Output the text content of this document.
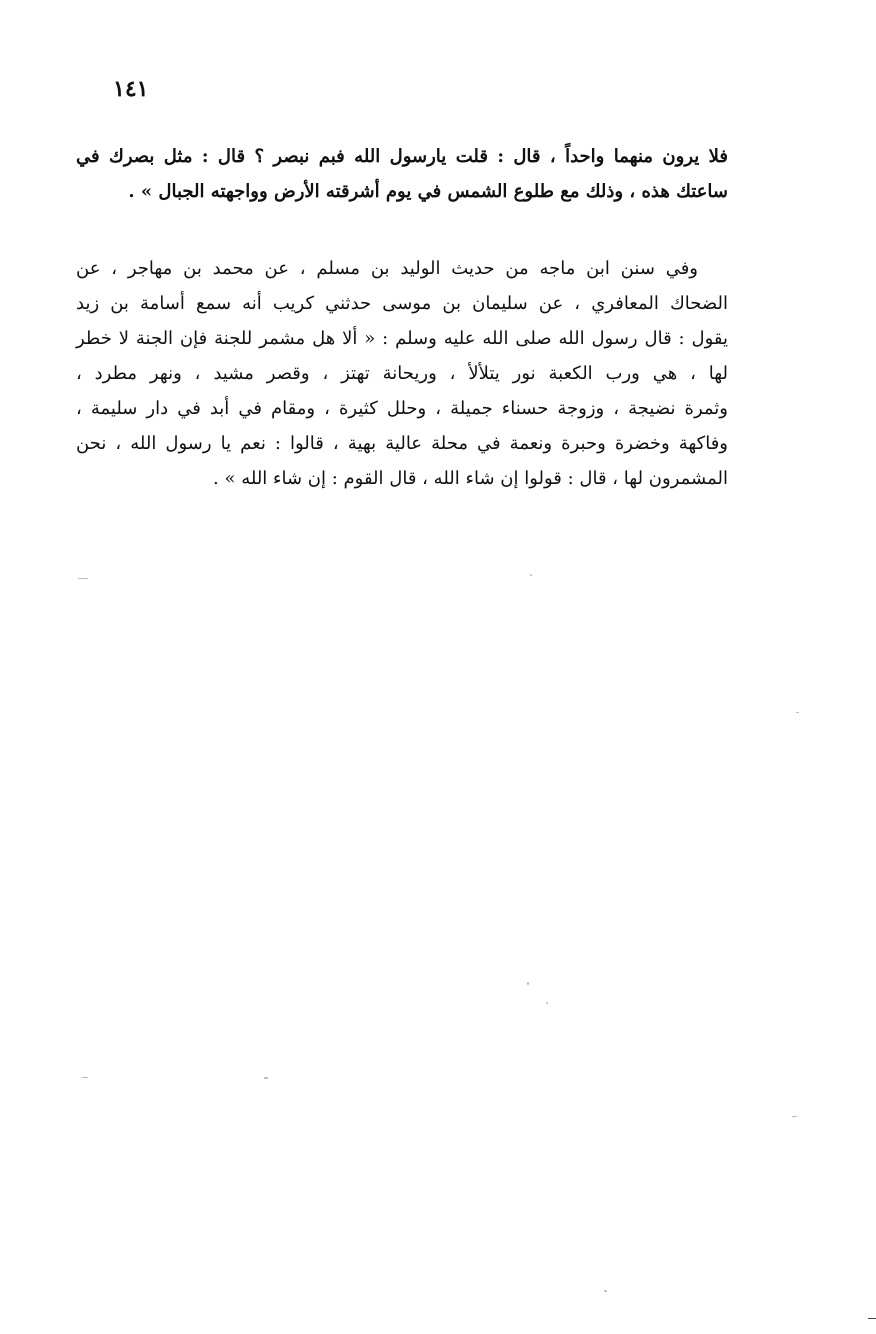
١٤١
فلا يرون منهما واحداً ، قال : قلت يارسول الله فبم نبصر ؟ قال : مثل بصرك في
ساعتك هذه ، وذلك مع طلوع الشمس في يوم أشرقته الأرض وواجهته الجبال » .
وفي سنن ابن ماجه من حديث الوليد بن مسلم ، عن محمد بن مهاجر ، عن
الضحاك المعافري ، عن سليمان بن موسى حدثني كريب أنه سمع أسامة بن زيد
يقول : قال رسول الله صلى الله عليه وسلم : « ألا هل مشمر للجنة فإن الجنة لا خطر
لها ، هي ورب الكعبة نور يتلألأ ، وريحانة تهتز ، وقصر مشيد ، ونهر مطرد ،
وثمرة نضيجة ، وزوجة حسناء جميلة ، وحلل كثيرة ، ومقام في أبد في دار سليمة ،
وفاكهة وخضرة وحبرة ونعمة في محلة عالية بهية ، قالوا : نعم يا رسول الله ، نحن
المشمرون لها ، قال : قولوا إن شاء الله ، قال القوم : إن شاء الله » .
